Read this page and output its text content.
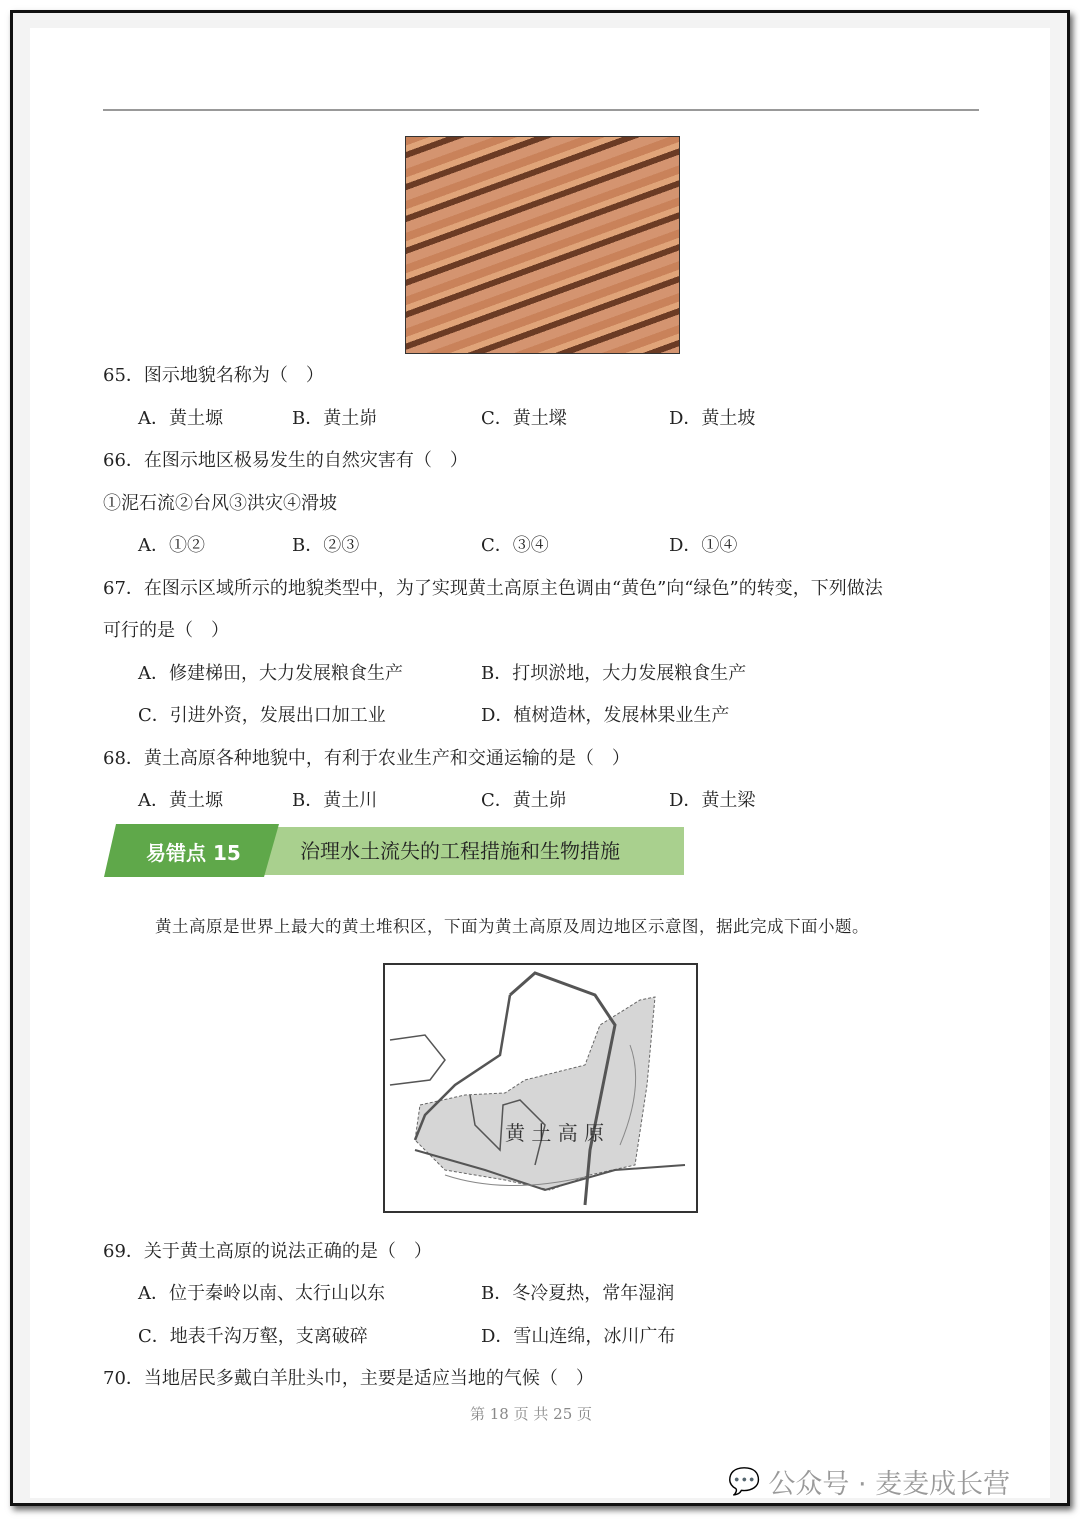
65．图示地貌名称为（　）
A．黄土塬	B．黄土峁	C．黄土墚	D．黄土坡
66．在图示地区极易发生的自然灾害有（　）
①泥石流②台风③洪灾④滑坡
A．①②	B．②③	C．③④	D．①④
67．在图示区域所示的地貌类型中，为了实现黄土高原主色调由“黄色”向“绿色”的转变，下列做法
可行的是（　）
A．修建梯田，大力发展粮食生产	B．打坝淤地，大力发展粮食生产
C．引进外资，发展出口加工业	D．植树造林，发展林果业生产
68．黄土高原各种地貌中，有利于农业生产和交通运输的是（　）
A．黄土塬	B．黄土川	C．黄土峁	D．黄土梁
易错点 15	治理水土流失的工程措施和生物措施
黄土高原是世界上最大的黄土堆积区，下面为黄土高原及周边地区示意图，据此完成下面小题。
黄 土 高 原
69．关于黄土高原的说法正确的是（　）
A．位于秦岭以南、太行山以东	B．冬冷夏热，常年湿润
C．地表千沟万壑，支离破碎	D．雪山连绵，冰川广布
70．当地居民多戴白羊肚头巾，主要是适应当地的气候（　）
第 18 页 共 25 页
💬 公众号 · 麦麦成长营
